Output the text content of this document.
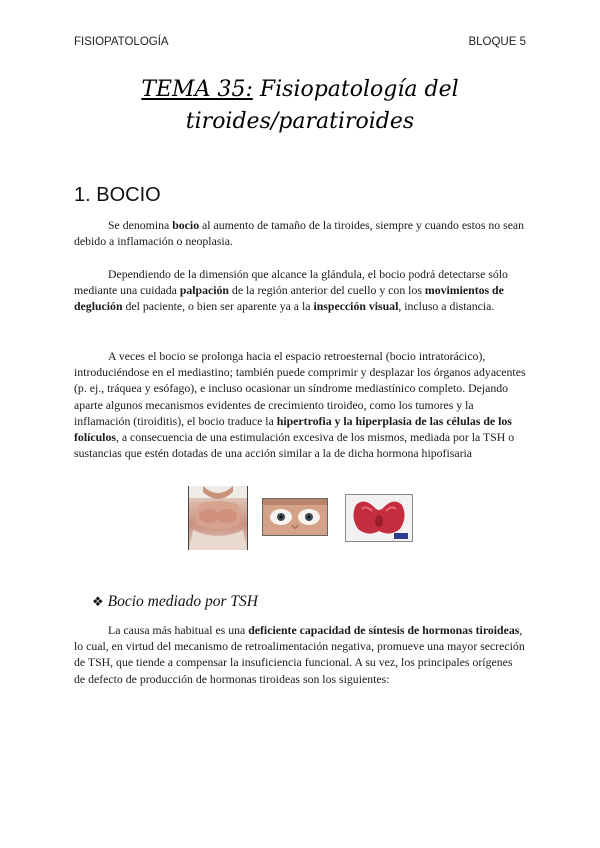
FISIOPATOLOGÍA	BLOQUE 5
TEMA 35: Fisiopatología del
tiroides/paratiroides
1. BOCIO

Se denomina bocio al aumento de tamaño de la tiroides, siempre y cuando estos no sean debido a inflamación o neoplasia.

Dependiendo de la dimensión que alcance la glándula, el bocio podrá detectarse sólo mediante una cuidada palpación de la región anterior del cuello y con los movimientos de deglución del paciente, o bien ser aparente ya a la inspección visual, incluso a distancia.

A veces el bocio se prolonga hacia el espacio retroesternal (bocio intratorácico), introduciéndose en el mediastino; también puede comprimir y desplazar los órganos adyacentes (p. ej., tráquea y esófago), e incluso ocasionar un síndrome mediastínico completo. Dejando aparte algunos mecanismos evidentes de crecimiento tiroideo, como los tumores y la inflamación (tiroiditis), el bocio traduce la hipertrofia y la hiperplasia de las células de los folículos, a consecuencia de una estimulación excesiva de los mismos, mediada por la TSH o sustancias que estén dotadas de una acción similar a la de dicha hormona hipofisaria

❖ Bocio mediado por TSH

La causa más habitual es una deficiente capacidad de síntesis de hormonas tiroideas, lo cual, en virtud del mecanismo de retroalimentación negativa, promueve una mayor secreción de TSH, que tiende a compensar la insuficiencia funcional. A su vez, los principales orígenes de defecto de producción de hormonas tiroideas son los siguientes:
